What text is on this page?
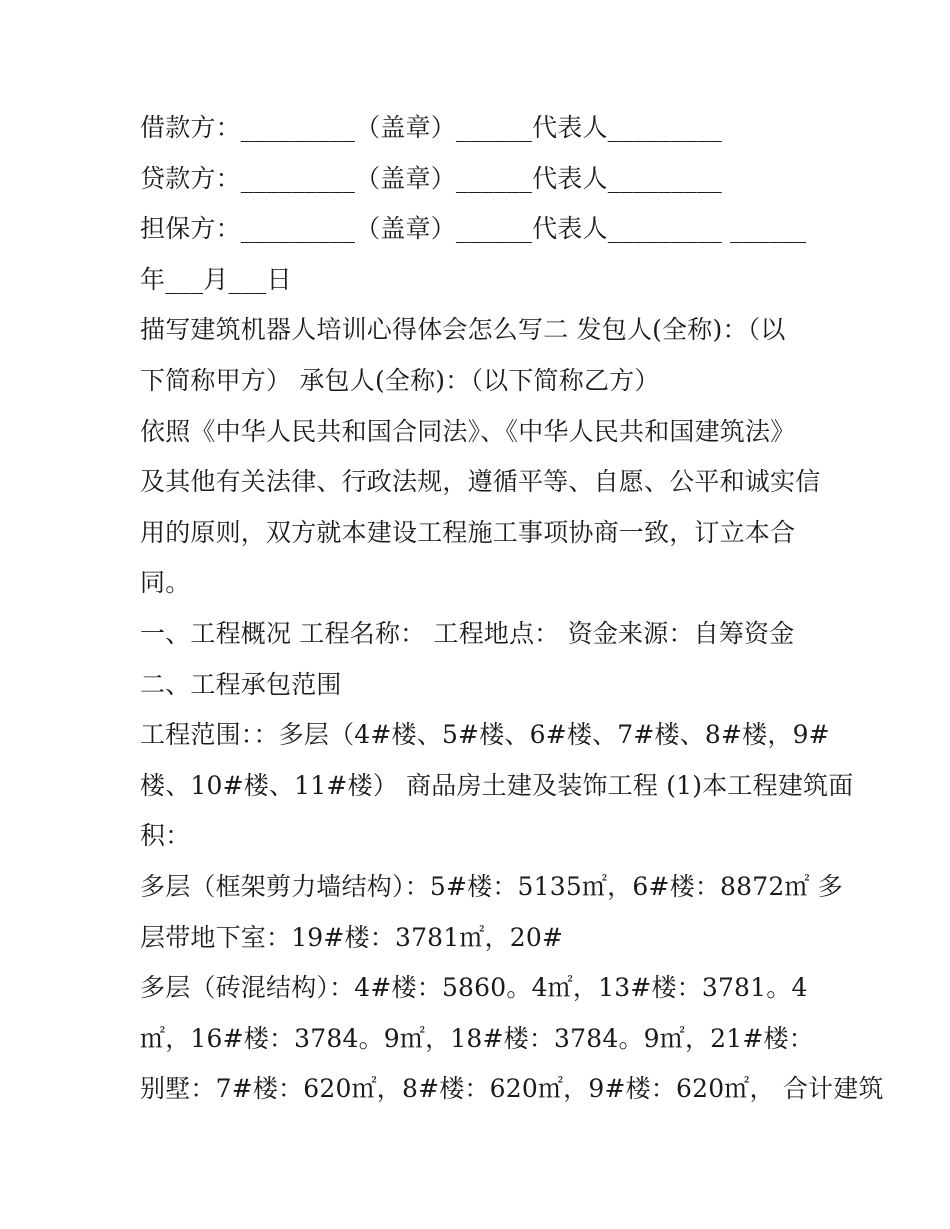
借款方：_________（盖章）______代表人_________
贷款方：_________（盖章）______代表人_________
担保方：_________（盖章）______代表人_________ ______
年___月___日
描写建筑机器人培训心得体会怎么写二 发包人(全称)：（以
下简称甲方） 承包人(全称)：（以下简称乙方）
依照《中华人民共和国合同法》、《中华人民共和国建筑法》
及其他有关法律、行政法规，遵循平等、自愿、公平和诚实信
用的原则，双方就本建设工程施工事项协商一致，订立本合
同。
一、工程概况 工程名称： 工程地点： 资金来源：自筹资金
二、工程承包范围
工程范围：：多层（4#楼、5#楼、6#楼、7#楼、8#楼，9#
楼、10#楼、11#楼） 商品房土建及装饰工程 (1)本工程建筑面
积：
多层（框架剪力墙结构）：5#楼：5135㎡，6#楼：8872㎡ 多
层带地下室：19#楼：3781㎡，20#
多层（砖混结构）：4#楼：5860。4㎡，13#楼：3781。4
㎡，16#楼：3784。9㎡，18#楼：3784。9㎡，21#楼：
别墅：7#楼：620㎡，8#楼：620㎡，9#楼：620㎡， 合计建筑
